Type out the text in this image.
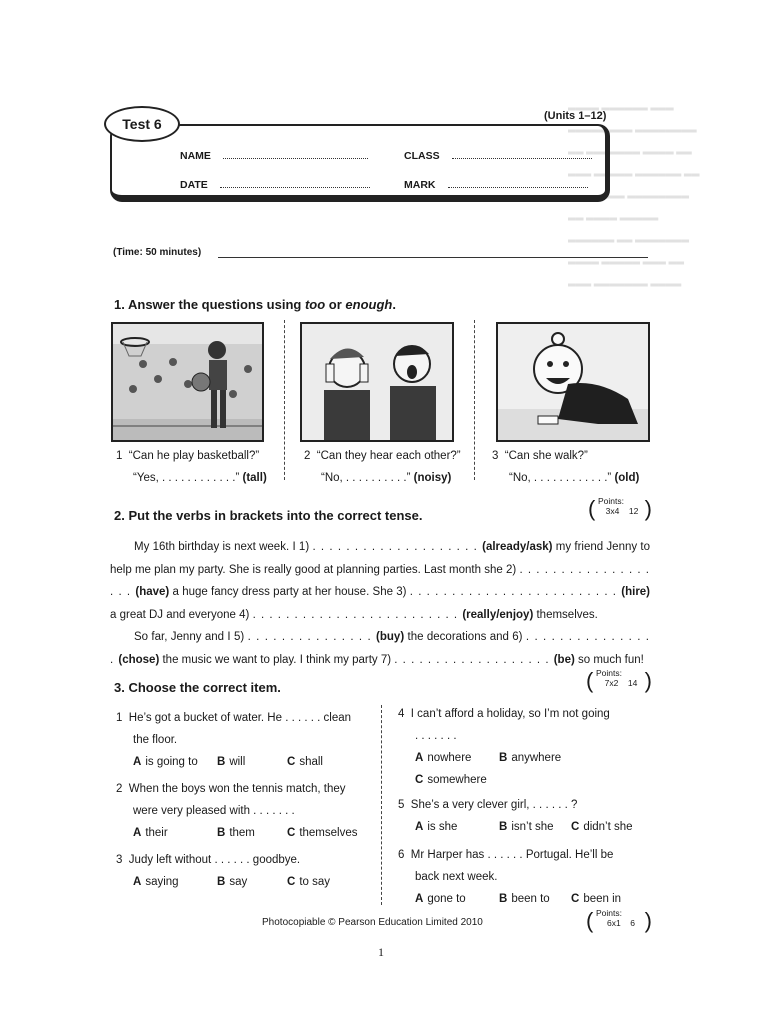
▂▂▂▂ ▂▂▂▂▂▂ ▂▂▂
▂▂▂▂▂ ▂▂▂ ▂▂▂▂▂▂▂▂
▂▂ ▂▂▂▂▂▂▂ ▂▂▂▂ ▂▂
▂▂▂ ▂▂▂▂▂ ▂▂▂▂▂▂ ▂▂
▂▂▂▂ ▂▂▂ ▂▂▂▂▂▂▂▂
▂▂ ▂▂▂▂ ▂▂▂▂▂
▂▂▂▂▂▂ ▂▂ ▂▂▂▂▂▂▂
▂▂▂▂ ▂▂▂▂▂ ▂▂▂ ▂▂
▂▂▂ ▂▂▂▂▂▂▂ ▂▂▂▂
Test 6	(Units 1–12)
NAME	CLASS
DATE	MARK
(Time: 50 minutes)
1. Answer the questions using too or enough.
1 “Can he play basketball?”
“Yes, . . . . . . . . . . . .” (tall)
2 “Can they hear each other?”
“No, . . . . . . . . . .” (noisy)
3 “Can she walk?”
“No, . . . . . . . . . . . .” (old)
( Points:
3x4 12 )
2. Put the verbs in brackets into the correct tense.

My 16th birthday is next week. I 1) . . . . . . . . . . . . . . . . . . . . (already/ask) my friend Jenny to help me plan my party. She is really good at planning parties. Last month she 2) . . . . . . . . . . . . . . . . . . . (have) a huge fancy dress party at her house. She 3) . . . . . . . . . . . . . . . . . . . . . . . . . (hire) a great DJ and everyone 4) . . . . . . . . . . . . . . . . . . . . . . . . . (really/enjoy) themselves.

So far, Jenny and I 5) . . . . . . . . . . . . . . . (buy) the decorations and 6) . . . . . . . . . . . . . . . . (chose) the music we want to play. I think my party 7) . . . . . . . . . . . . . . . . . . . (be) so much fun!

( Points:
7x2 14 )
3. Choose the correct item.
1 He’s got a bucket of water. He . . . . . . clean
the floor.
A is going to B will	C shall
2 When the boys won the tennis match, they
were very pleased with . . . . . . .
A their	B them	C themselves
3 Judy left without . . . . . . goodbye.
A saying	B say	C to say
4 I can’t afford a holiday, so I’m not going
. . . . . . .
A nowhere B anywhere
C somewhere
5 She’s a very clever girl, . . . . . . ?
A is she	B isn’t she C didn’t she
6 Mr Harper has . . . . . . Portugal. He’ll be
back next week.
A gone to	B been to C been in
( Points:
6x1 6 )
Photocopiable © Pearson Education Limited 2010
1
